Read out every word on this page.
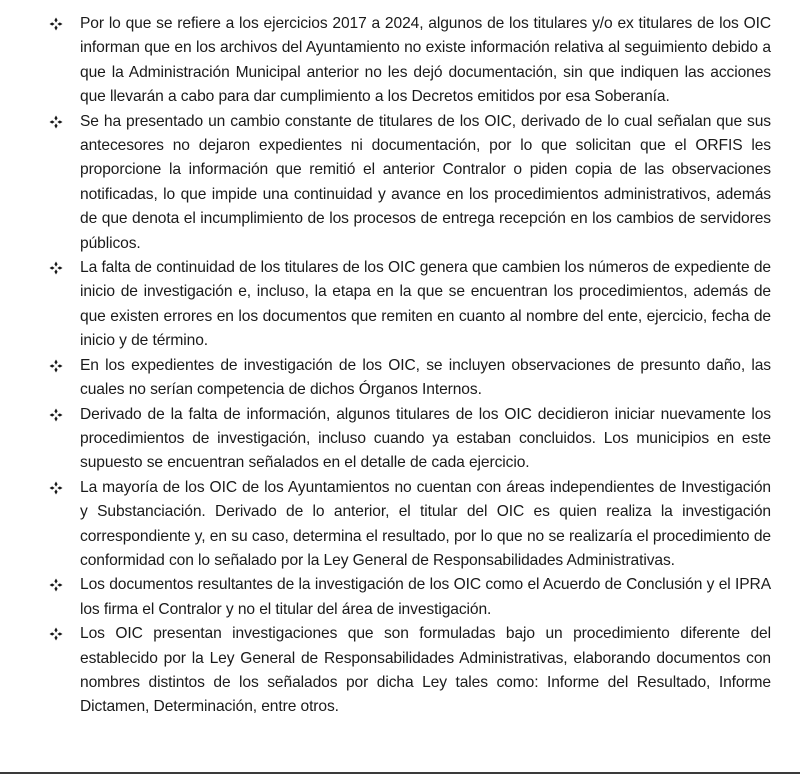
Por lo que se refiere a los ejercicios 2017 a 2024, algunos de los titulares y/o ex titulares de los OIC informan que en los archivos del Ayuntamiento no existe información relativa al seguimiento debido a que la Administración Municipal anterior no les dejó documentación, sin que indiquen las acciones que llevarán a cabo para dar cumplimiento a los Decretos emitidos por esa Soberanía.
Se ha presentado un cambio constante de titulares de los OIC, derivado de lo cual señalan que sus antecesores no dejaron expedientes ni documentación, por lo que solicitan que el ORFIS les proporcione la información que remitió el anterior Contralor o piden copia de las observaciones notificadas, lo que impide una continuidad y avance en los procedimientos administrativos, además de que denota el incumplimiento de los procesos de entrega recepción en los cambios de servidores públicos.
La falta de continuidad de los titulares de los OIC genera que cambien los números de expediente de inicio de investigación e, incluso, la etapa en la que se encuentran los procedimientos, además de que existen errores en los documentos que remiten en cuanto al nombre del ente, ejercicio, fecha de inicio y de término.
En los expedientes de investigación de los OIC, se incluyen observaciones de presunto daño, las cuales no serían competencia de dichos Órganos Internos.
Derivado de la falta de información, algunos titulares de los OIC decidieron iniciar nuevamente los procedimientos de investigación, incluso cuando ya estaban concluidos. Los municipios en este supuesto se encuentran señalados en el detalle de cada ejercicio.
La mayoría de los OIC de los Ayuntamientos no cuentan con áreas independientes de Investigación y Substanciación. Derivado de lo anterior, el titular del OIC es quien realiza la investigación correspondiente y, en su caso, determina el resultado, por lo que no se realizaría el procedimiento de conformidad con lo señalado por la Ley General de Responsabilidades Administrativas.
Los documentos resultantes de la investigación de los OIC como el Acuerdo de Conclusión y el IPRA los firma el Contralor y no el titular del área de investigación.
Los OIC presentan investigaciones que son formuladas bajo un procedimiento diferente del establecido por la Ley General de Responsabilidades Administrativas, elaborando documentos con nombres distintos de los señalados por dicha Ley tales como: Informe del Resultado, Informe Dictamen, Determinación, entre otros.
